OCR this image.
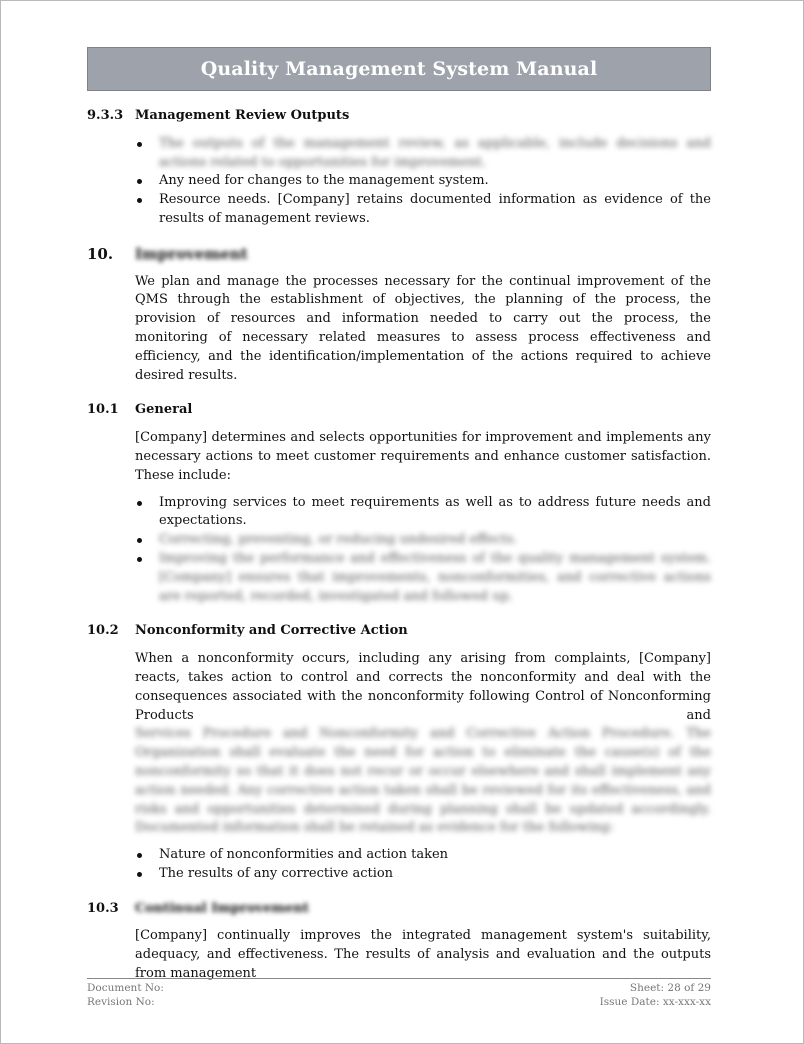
Quality Management System Manual
9.3.3 Management Review Outputs
The outputs of the management review, as applicable, include decisions and actions related to opportunities for improvement.
Any need for changes to the management system.
Resource needs. [Company] retains documented information as evidence of the results of management reviews.
10.	Improvement

We plan and manage the processes necessary for the continual improvement of the QMS through the establishment of objectives, the planning of the process, the provision of resources and information needed to carry out the process, the monitoring of necessary related measures to assess process effectiveness and efficiency, and the identification/implementation of the actions required to achieve desired results.

10.1	General

[Company] determines and selects opportunities for improvement and implements any necessary actions to meet customer requirements and enhance customer satisfaction. These include:

Improving services to meet requirements as well as to address future needs and expectations.
Correcting, preventing, or reducing undesired effects.
Improving the performance and effectiveness of the quality management system. [Company] ensures that improvements, nonconformities, and corrective actions are reported, recorded, investigated and followed up.
10.2	Nonconformity and Corrective Action

When a nonconformity occurs, including any arising from complaints, [Company] reacts, takes action to control and corrects the nonconformity and deal with the consequences associated with the nonconformity following Control of Nonconforming Products and

Services Procedure and Nonconformity and Corrective Action Procedure. The Organization shall evaluate the need for action to eliminate the cause(s) of the nonconformity so that it does not recur or occur elsewhere and shall implement any action needed. Any corrective action taken shall be reviewed for its effectiveness, and risks and opportunities determined during planning shall be updated accordingly. Documented information shall be retained as evidence for the following:

Nature of nonconformities and action taken
The results of any corrective action
10.3	Continual Improvement

[Company] continually improves the integrated management system's suitability, adequacy, and effectiveness. The results of analysis and evaluation and the outputs from management

Document No:
Revision No:
Sheet: 28 of 29
Issue Date: xx-xxx-xx
